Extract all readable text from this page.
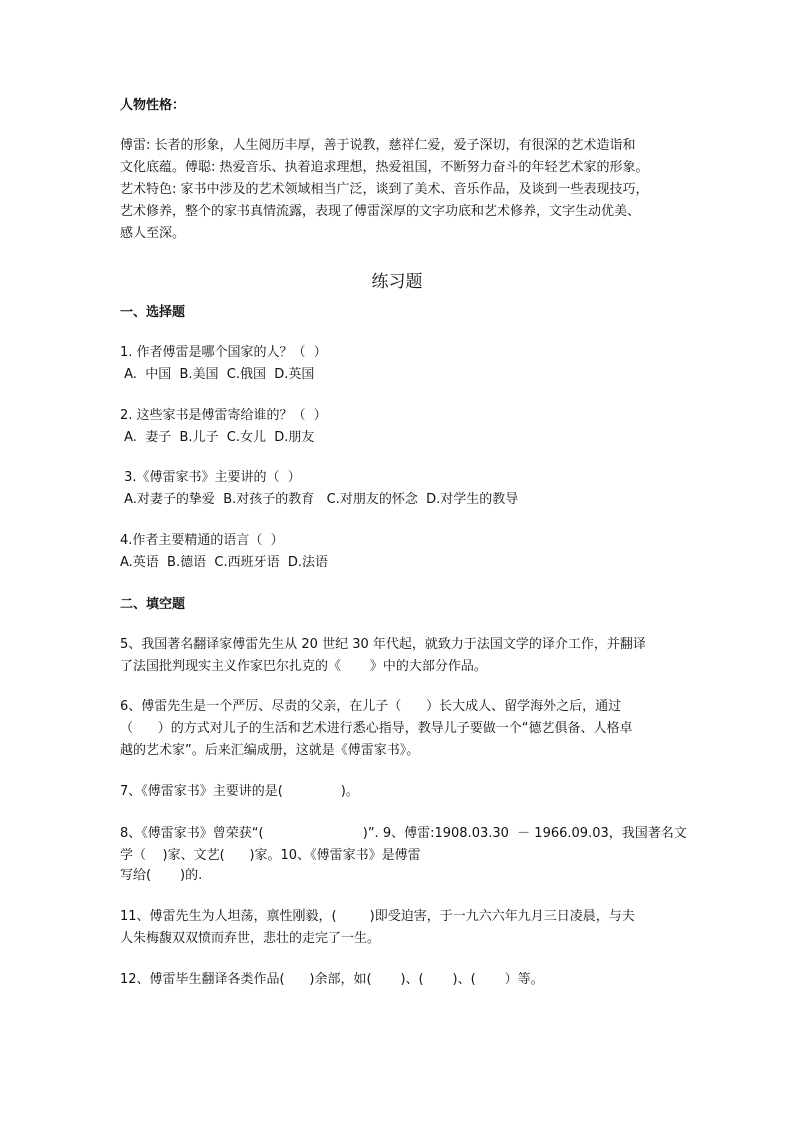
人物性格：
傅雷: 长者的形象，人生阅历丰厚，善于说教，慈祥仁爱，爱子深切，有很深的艺术造诣和
文化底蕴。傅聪: 热爱音乐、执着追求理想，热爱祖国，不断努力奋斗的年轻艺术家的形象。
艺术特色: 家书中涉及的艺术领域相当广泛，谈到了美术、音乐作品，及谈到一些表现技巧，
艺术修养，整个的家书真情流露，表现了傅雷深厚的文字功底和艺术修养，文字生动优美、
感人至深。
练习题
一、选择题
1. 作者傅雷是哪个国家的人？（  ）
A.  中国  B.美国  C.俄国  D.英国
2. 这些家书是傅雷寄给谁的？（  ）
A.  妻子  B.儿子  C.女儿  D.朋友
3.《傅雷家书》主要讲的（  ）
A.对妻子的挚爱  B.对孩子的教育   C.对朋友的怀念  D.对学生的教导
4.作者主要精通的语言（  ）
A.英语  B.德语  C.西班牙语  D.法语
二、填空题
5、我国著名翻译家傅雷先生从 20 世纪 30 年代起，就致力于法国文学的译介工作，并翻译
了法国批判现实主义作家巴尔扎克的《       》中的大部分作品。
6、傅雷先生是一个严厉、尽责的父亲，在儿子（      ）长大成人、留学海外之后，通过
（      ）的方式对儿子的生活和艺术进行悉心指导，教导儿子要做一个“德艺俱备、人格卓
越的艺术家”。后来汇编成册，这就是《傅雷家书》。
7、《傅雷家书》主要讲的是(              )。
8、《傅雷家书》曾荣获“(                        )”. 9、傅雷:1908.03.30  － 1966.09.03，我国著名文
学（    )家、文艺(      )家。10、《傅雷家书》是傅雷
写给(       )的.
11、傅雷先生为人坦荡，禀性刚毅，(        )即受迫害，于一九六六年九月三日凌晨，与夫
人朱梅馥双双愤而弃世，悲壮的走完了一生。
12、傅雷毕生翻译各类作品(      )余部，如(       )、(       )、(       ）等。
